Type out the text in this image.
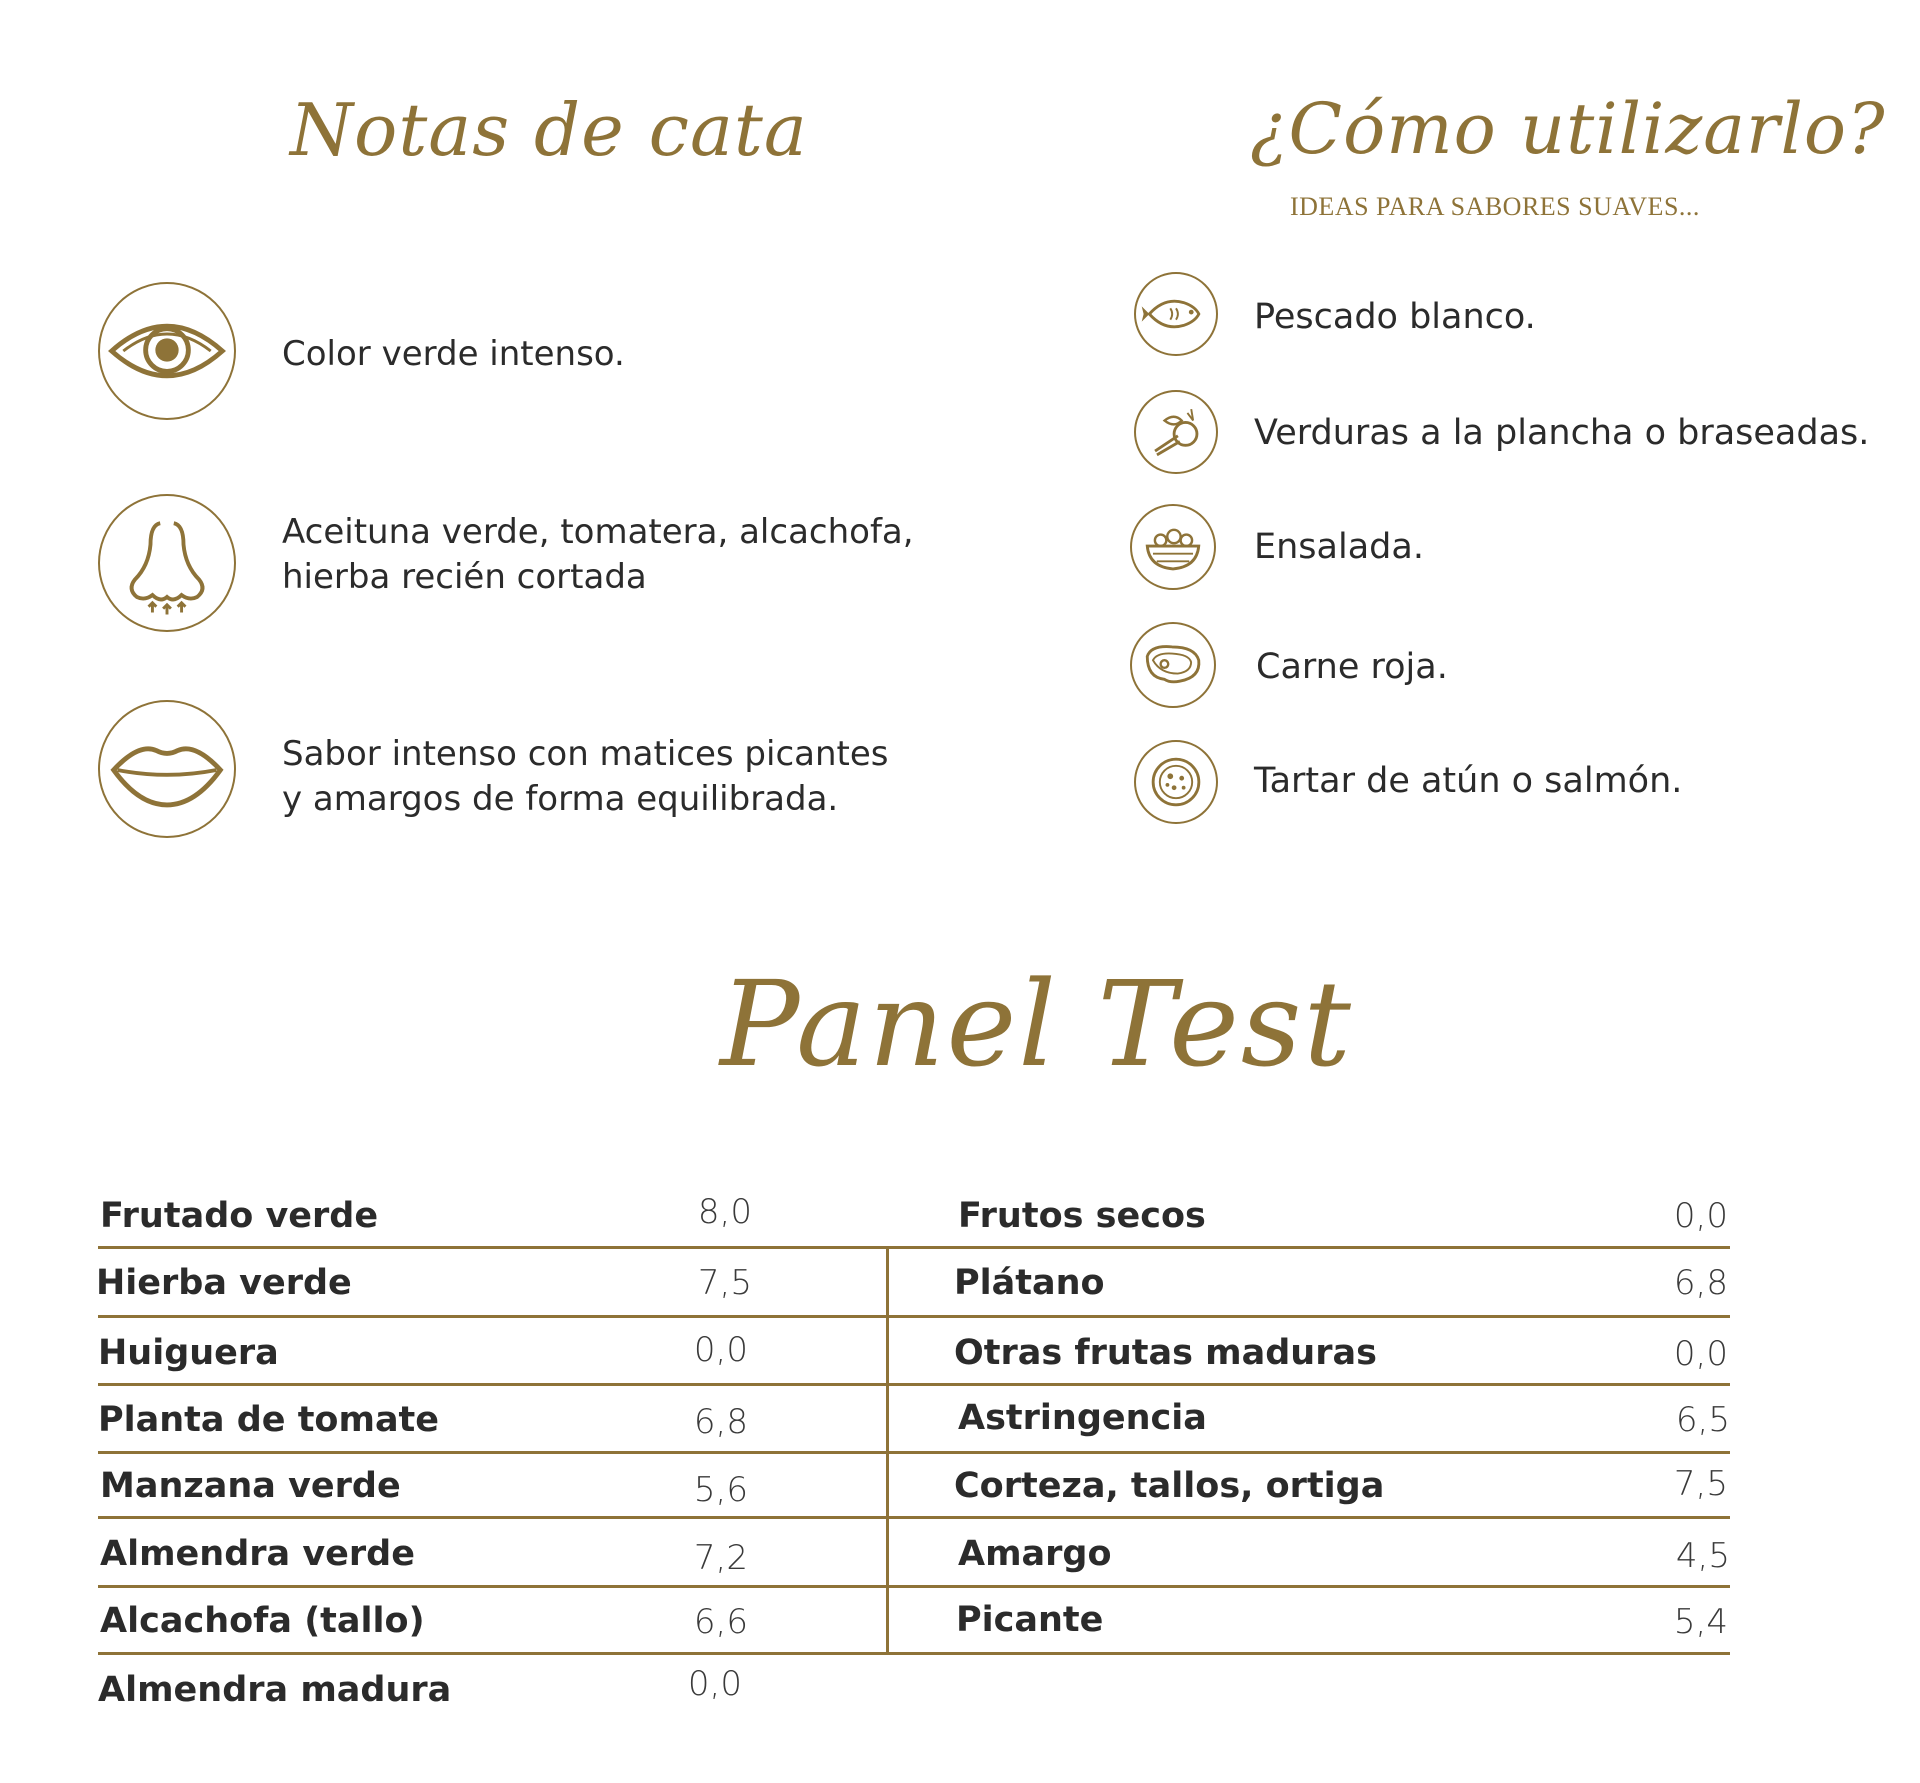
Notas de cata	¿Cómo utilizarlo?
IDEAS PARA SABORES SUAVES...
Panel Test
Color verde intenso.
Aceituna verde, tomatera, alcachofa,
hierba recién cortada
Sabor intenso con matices picantes
y amargos de forma equilibrada.
Pescado blanco.
Verduras a la plancha o braseadas.
Ensalada.
Carne roja.
Tartar de atún o salmón.
Frutado verde	8,0
Hierba verde	7,5
Huiguera	0,0
Planta de tomate	6,8
Manzana verde	5,6
Almendra verde	7,2
Alcachofa (tallo)	6,6
Almendra madura	0,0
Frutos secos	0,0
Plátano	6,8
Otras frutas maduras	0,0
Astringencia	6,5
Corteza, tallos, ortiga	7,5
Amargo	4,5
Picante	5,4
